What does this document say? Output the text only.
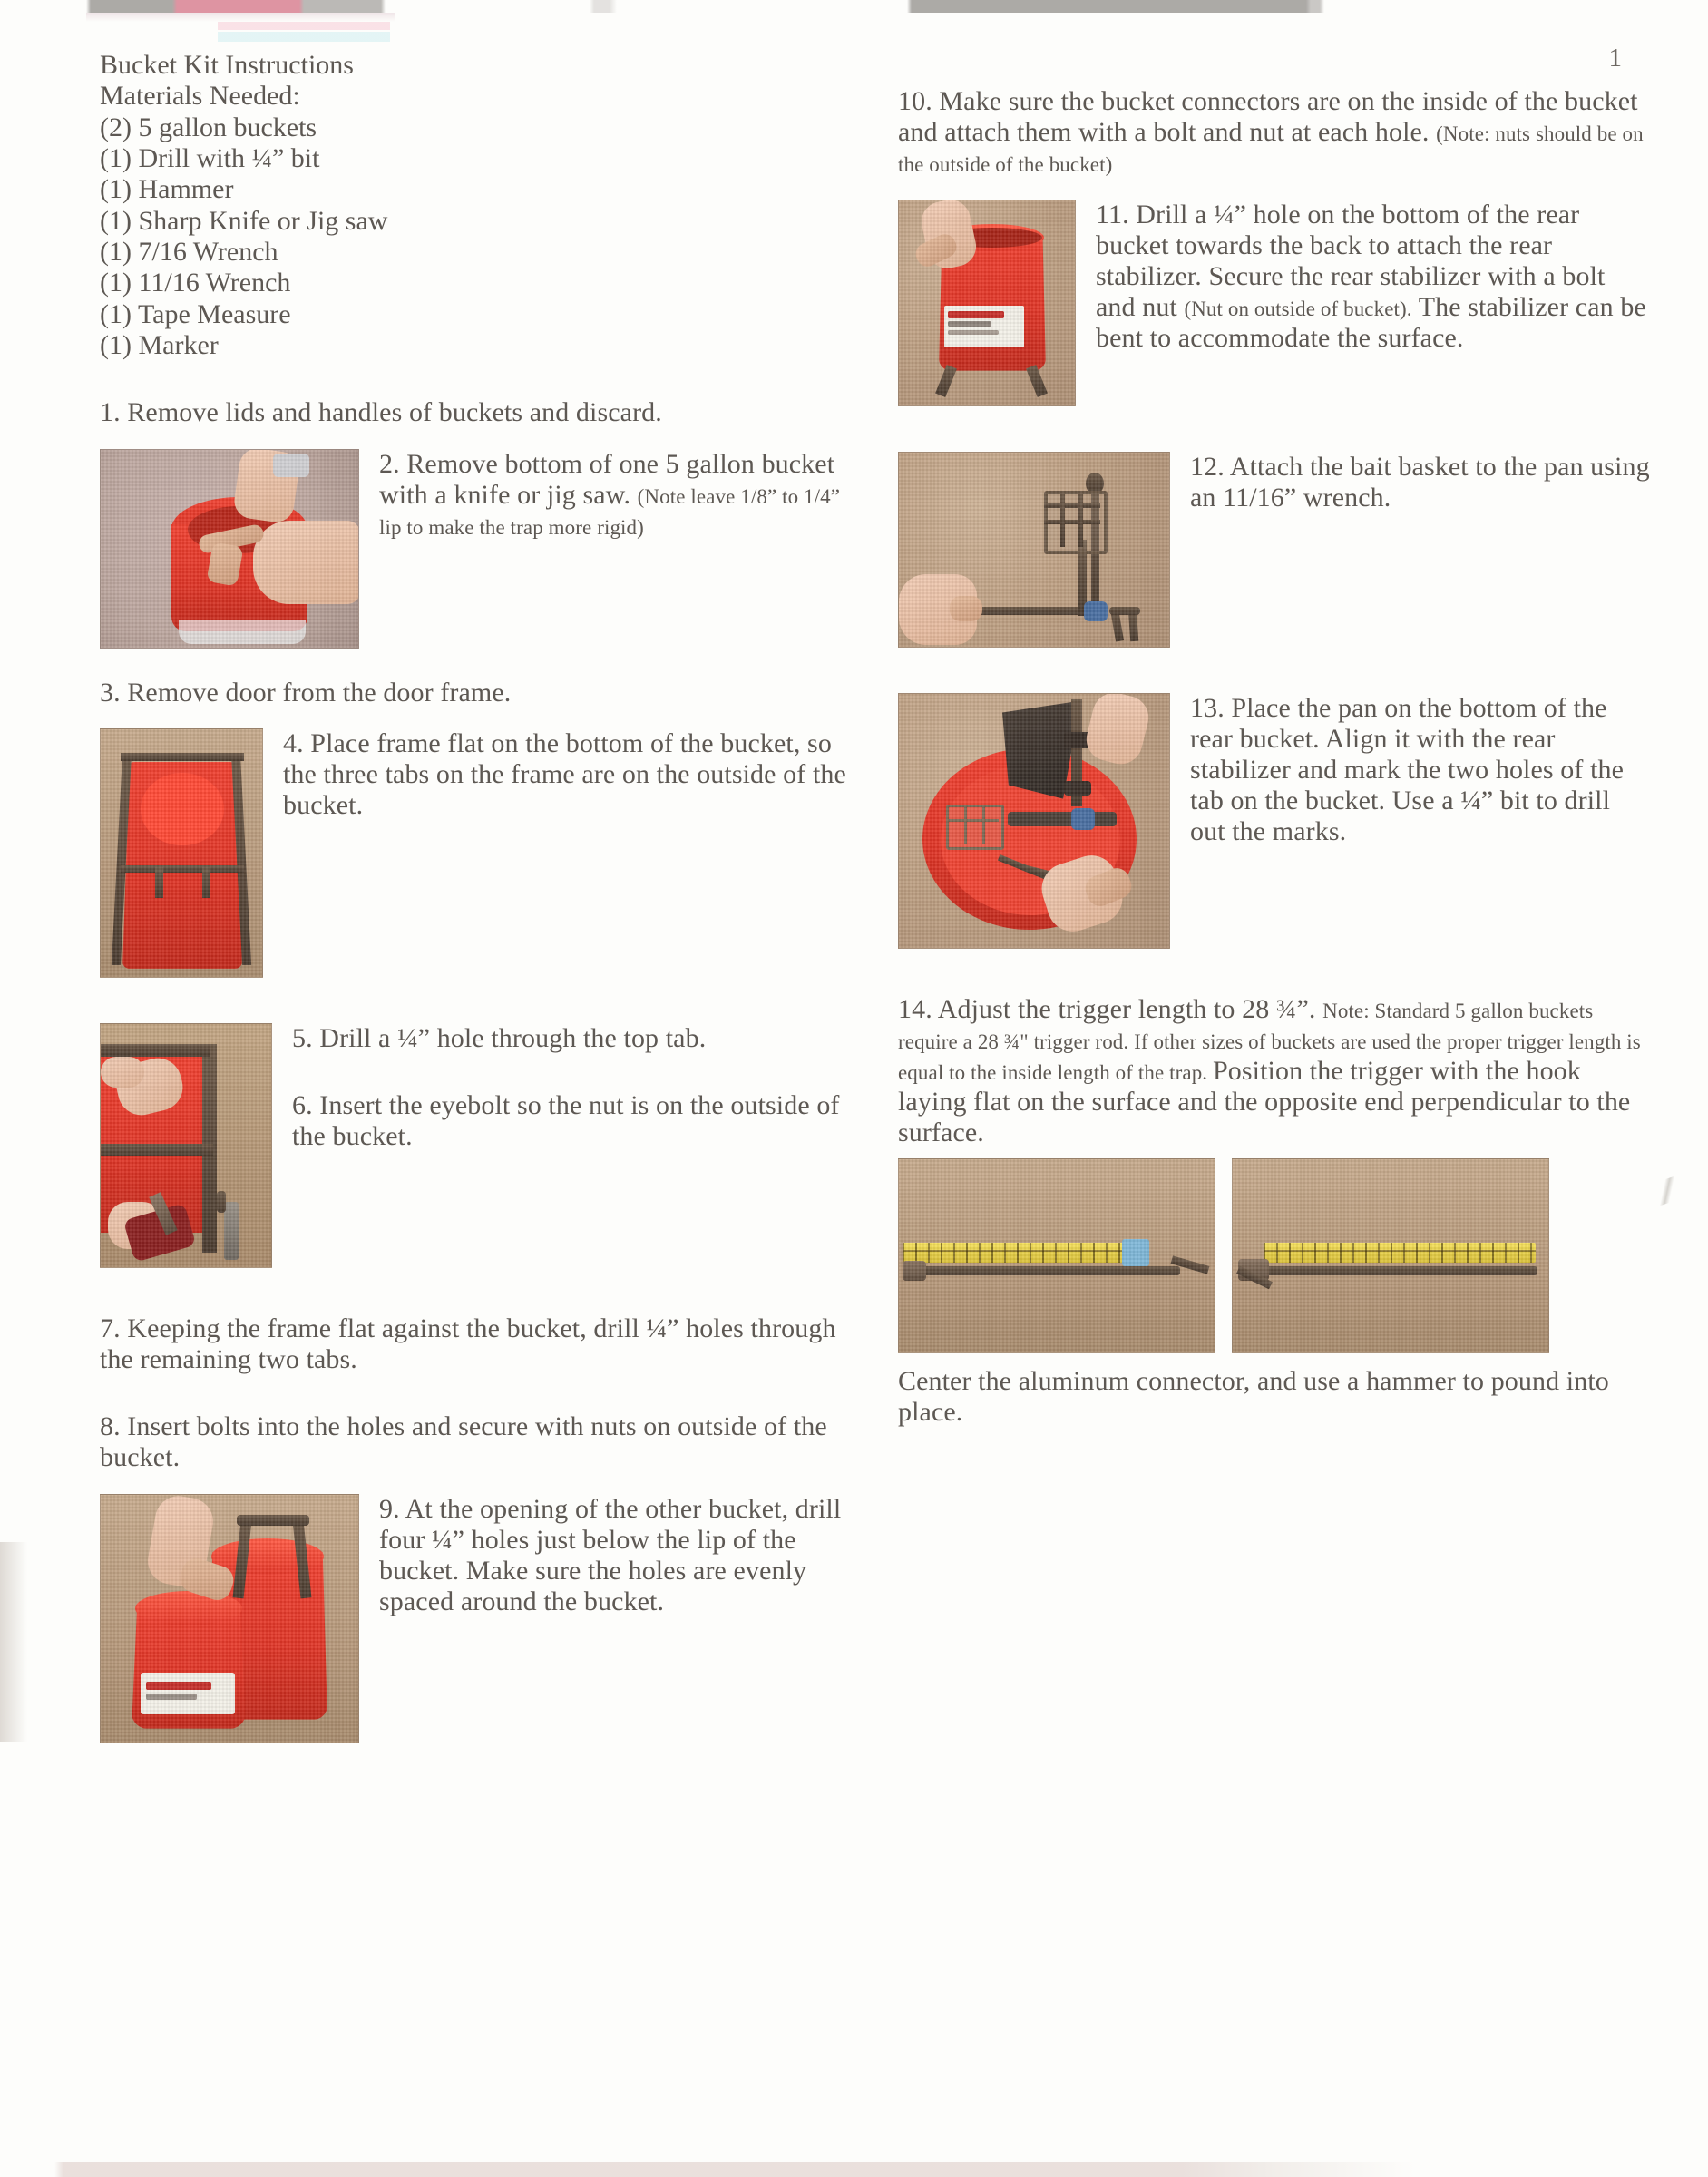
1
Bucket Kit Instructions
Materials Needed:
(2) 5 gallon buckets
(1) Drill with ¼” bit
(1) Hammer
(1) Sharp Knife or Jig saw
(1) 7/16 Wrench
(1) 11/16 Wrench
(1) Tape Measure
(1) Marker
1. Remove lids and handles of buckets and discard.
2. Remove bottom of one 5 gallon bucket with a knife or jig saw. (Note leave 1/8” to 1/4” lip to make the trap more rigid)
3. Remove door from the door frame.
4. Place frame flat on the bottom of the bucket, so the three tabs on the frame are on the outside of the bucket.
5. Drill a ¼” hole through the top tab.
6. Insert the eyebolt so the nut is on the outside of the bucket.
7. Keeping the frame flat against the bucket, drill ¼” holes through the remaining two tabs.
8. Insert bolts into the holes and secure with nuts on outside of the bucket.
9. At the opening of the other bucket, drill four ¼” holes just below the lip of the bucket. Make sure the holes are evenly spaced around the bucket.
10. Make sure the bucket connectors are on the inside of the bucket and attach them with a bolt and nut at each hole. (Note: nuts should be on the outside of the bucket)
11. Drill a ¼” hole on the bottom of the rear bucket towards the back to attach the rear stabilizer. Secure the rear stabilizer with a bolt and nut (Nut on outside of bucket). The stabilizer can be bent to accommodate the surface.
12. Attach the bait basket to the pan using an 11/16” wrench.
13. Place the pan on the bottom of the rear bucket. Align it with the rear stabilizer and mark the two holes of the tab on the bucket. Use a ¼” bit to drill out the marks.
14. Adjust the trigger length to 28 ¾”. Note: Standard 5 gallon buckets require a 28 ¾" trigger rod. If other sizes of buckets are used the proper trigger length is equal to the inside length of the trap. Position the trigger with the hook laying flat on the surface and the opposite end perpendicular to the surface.
Center the aluminum connector, and use a hammer to pound into place.
